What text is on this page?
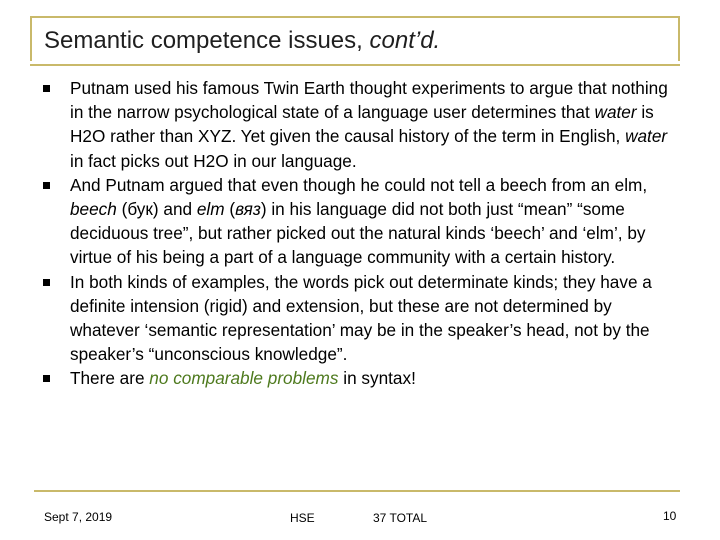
Semantic competence issues, cont’d.
Putnam used his famous Twin Earth thought experiments to argue that nothing in the narrow psychological state of a language user determines that water is H2O rather than XYZ. Yet given the causal history of the term in English, water in fact picks out H2O in our language.
And Putnam argued that even though he could not tell a beech from an elm, beech (бук) and elm (вяз) in his language did not both just “mean” “some deciduous tree”, but rather picked out the natural kinds ‘beech’ and ‘elm’, by virtue of his being a part of a language community with a certain history.
In both kinds of examples, the words pick out determinate kinds; they have a definite intension (rigid) and extension, but these are not determined by whatever ‘semantic representation’ may be in the speaker’s head, not by the speaker’s “unconscious knowledge”.
There are no comparable problems in syntax!
Sept 7, 2019	HSE	37 TOTAL	10
